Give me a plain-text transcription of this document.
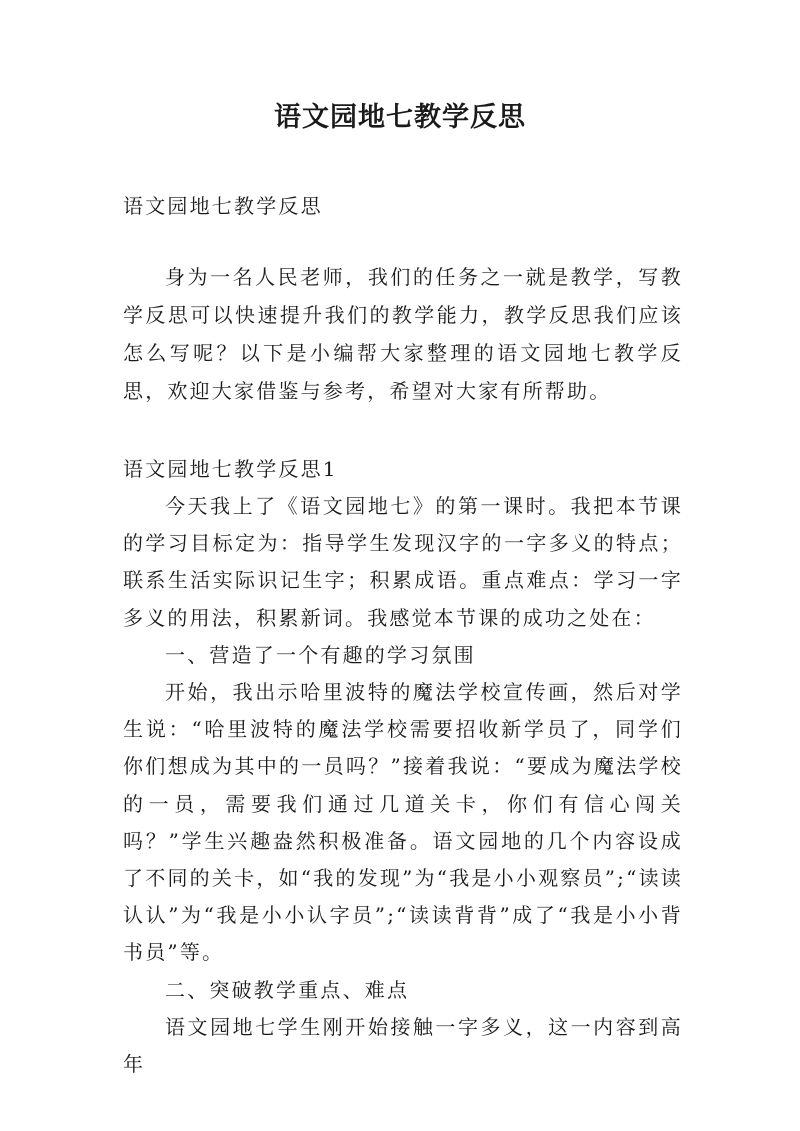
语文园地七教学反思

语文园地七教学反思

身为一名人民老师，我们的任务之一就是教学，写教学反思可以快速提升我们的教学能力，教学反思我们应该怎么写呢？以下是小编帮大家整理的语文园地七教学反思，欢迎大家借鉴与参考，希望对大家有所帮助。

语文园地七教学反思1

今天我上了《语文园地七》的第一课时。我把本节课的学习目标定为：指导学生发现汉字的一字多义的特点；联系生活实际识记生字；积累成语。重点难点：学习一字多义的用法，积累新词。我感觉本节课的成功之处在：

一、营造了一个有趣的学习氛围

开始，我出示哈里波特的魔法学校宣传画，然后对学生说：“哈里波特的魔法学校需要招收新学员了，同学们你们想成为其中的一员吗？”接着我说：“要成为魔法学校的一员，需要我们通过几道关卡，你们有信心闯关吗？”学生兴趣盎然积极准备。语文园地的几个内容设成了不同的关卡，如“我的发现”为“我是小小观察员”;“读读认认”为“我是小小认字员”;“读读背背”成了“我是小小背书员”等。

二、突破教学重点、难点

语文园地七学生刚开始接触一字多义，这一内容到高年
